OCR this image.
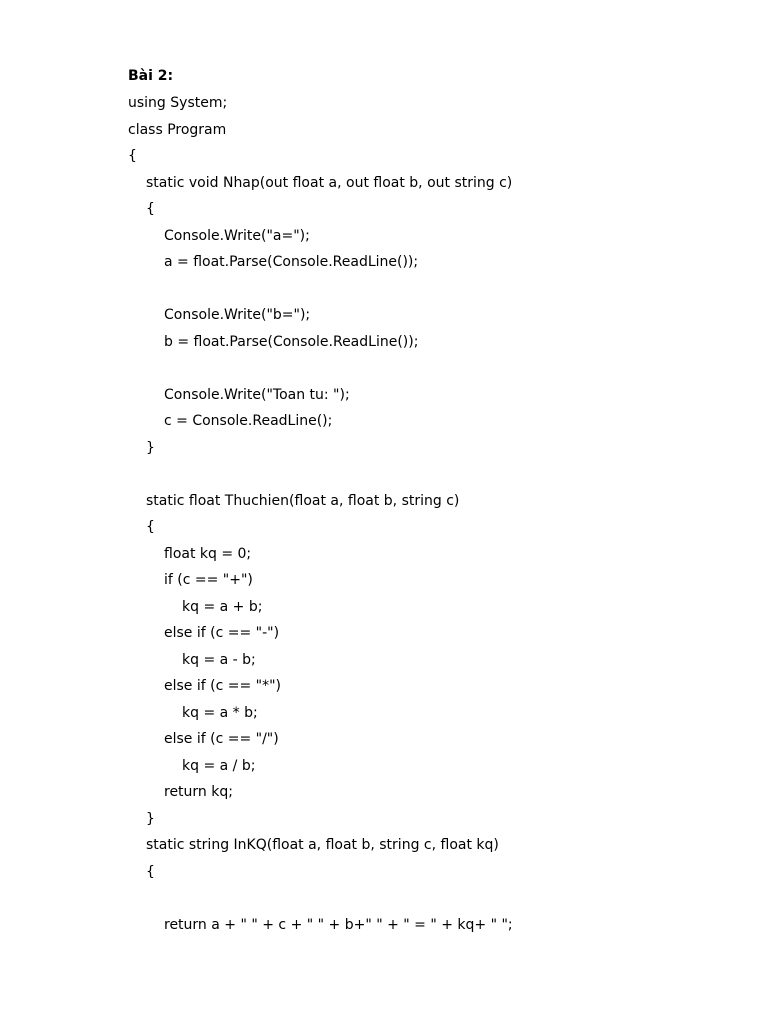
Bài 2:
using System;
class Program
{
static void Nhap(out float a, out float b, out string c)
{
Console.Write("a=");
a = float.Parse(Console.ReadLine());
Console.Write("b=");
b = float.Parse(Console.ReadLine());
Console.Write("Toan tu: ");
c = Console.ReadLine();
}
static float Thuchien(float a, float b, string c)
{
float kq = 0;
if (c == "+")
kq = a + b;
else if (c == "-")
kq = a - b;
else if (c == "*")
kq = a * b;
else if (c == "/")
kq = a / b;
return kq;
}
static string InKQ(float a, float b, string c, float kq)
{
return a + " " + c + " " + b+" " + " = " + kq+ " ";
